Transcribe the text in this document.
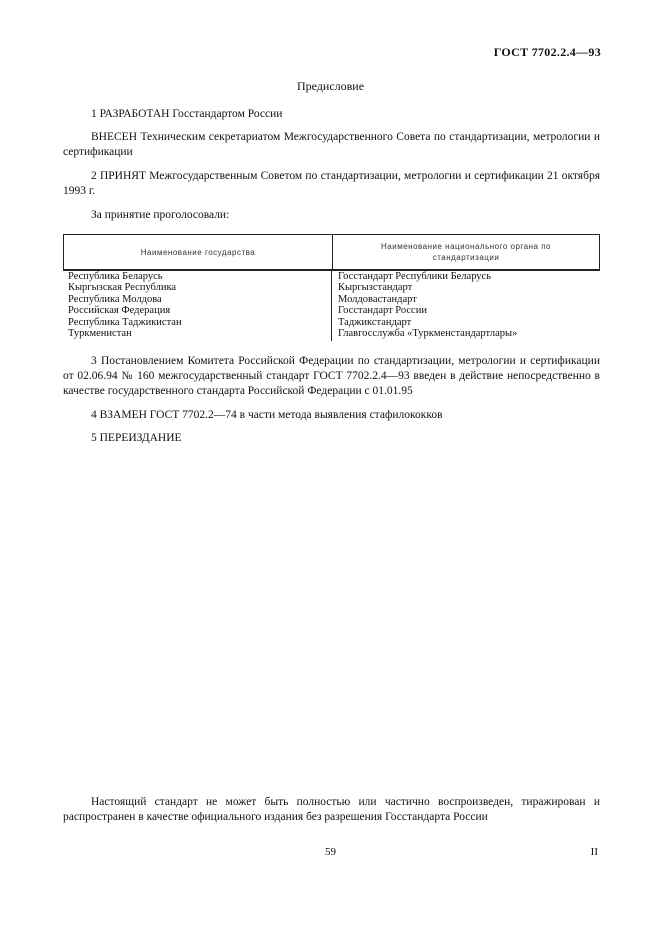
ГОСТ 7702.2.4—93
Предисловие
1 РАЗРАБОТАН Госстандартом России
ВНЕСЕН Техническим секретариатом Межгосударственного Совета по стандартизации, метрологии и сертификации
2 ПРИНЯТ Межгосударственным Советом по стандартизации, метрологии и сертификации 21 октября 1993 г.
За принятие проголосовали:
Наименование государства
Наименование национального органа по стандартизации
Республика Беларусь
Кыргызская Республика
Республика Молдова
Российская Федерация
Республика Таджикистан
Туркменистан
Госстандарт Республики Беларусь
Кыргызстандарт
Молдовастандарт
Госстандарт России
Таджикстандарт
Главгосслужба «Туркменстандартлары»
3 Постановлением Комитета Российской Федерации по стандартизации, метрологии и сертификации от 02.06.94 № 160 межгосударственный стандарт ГОСТ 7702.2.4—93 введен в действие непосредственно в качестве государственного стандарта Российской Федерации с 01.01.95
4 ВЗАМЕН ГОСТ 7702.2—74 в части метода выявления стафилококков
5 ПЕРЕИЗДАНИЕ
Настоящий стандарт не может быть полностью или частично воспроизведен, тиражирован и распространен в качестве официального издания без разрешения Госстандарта России
59	II
